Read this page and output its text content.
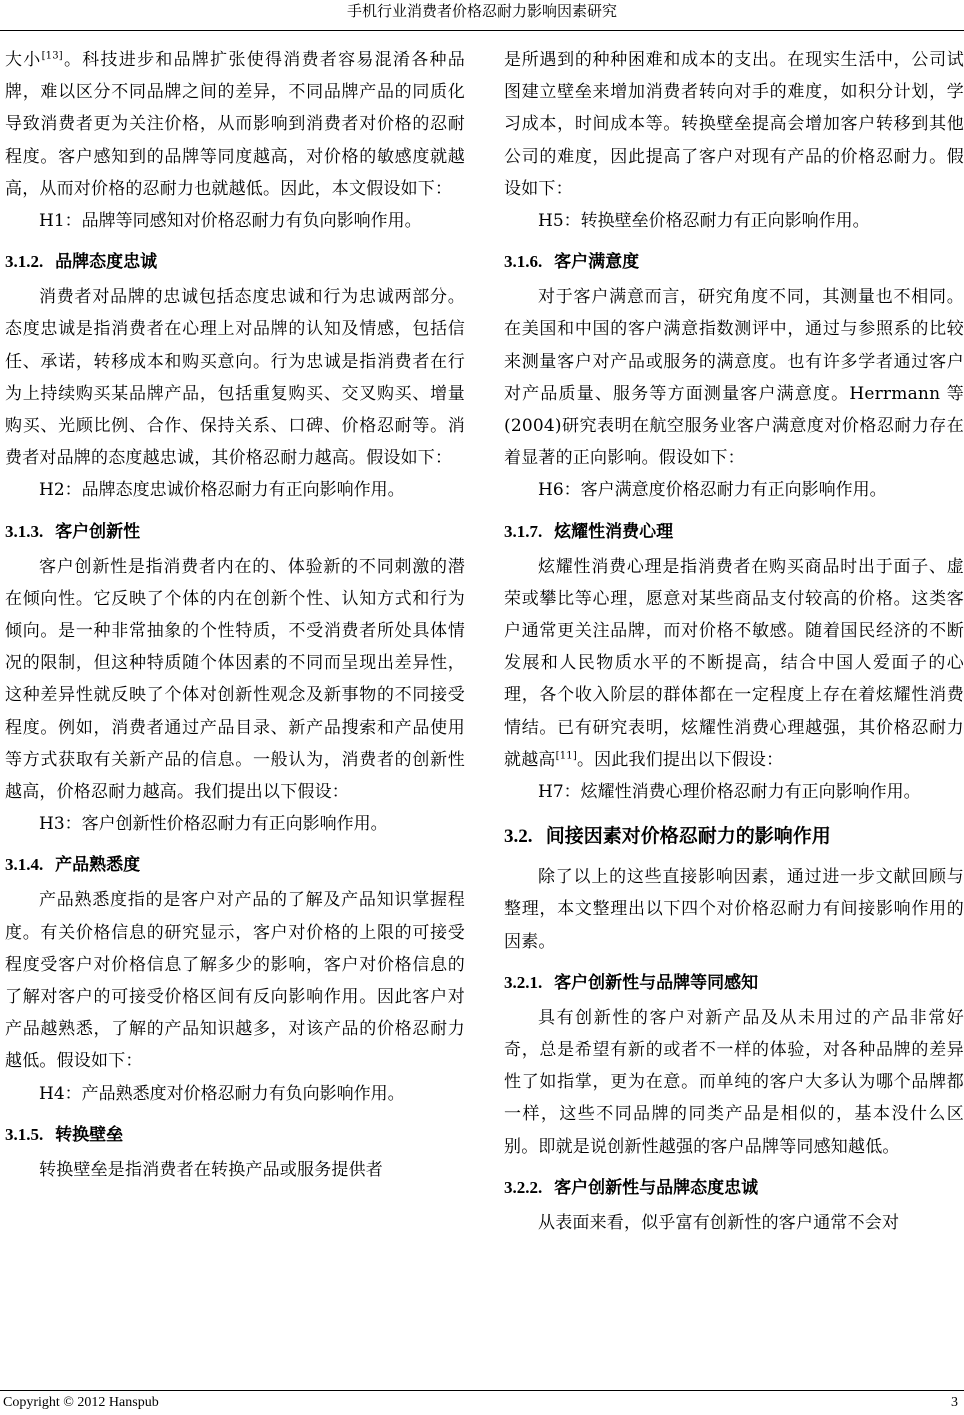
手机行业消费者价格忍耐力影响因素研究

大小[13]。科技进步和品牌扩张使得消费者容易混淆各种品牌，难以区分不同品牌之间的差异，不同品牌产品的同质化导致消费者更为关注价格，从而影响到消费者对价格的忍耐程度。客户感知到的品牌等同度越高，对价格的敏感度就越高，从而对价格的忍耐力也就越低。因此，本文假设如下：

H1：品牌等同感知对价格忍耐力有负向影响作用。

3.1.2. 品牌态度忠诚

消费者对品牌的忠诚包括态度忠诚和行为忠诚两部分。态度忠诚是指消费者在心理上对品牌的认知及情感，包括信任、承诺，转移成本和购买意向。行为忠诚是指消费者在行为上持续购买某品牌产品，包括重复购买、交叉购买、增量购买、光顾比例、合作、保持关系、口碑、价格忍耐等。消费者对品牌的态度越忠诚，其价格忍耐力越高。假设如下：

H2：品牌态度忠诚价格忍耐力有正向影响作用。

3.1.3. 客户创新性

客户创新性是指消费者内在的、体验新的不同刺激的潜在倾向性。它反映了个体的内在创新个性、认知方式和行为倾向。是一种非常抽象的个性特质，不受消费者所处具体情况的限制，但这种特质随个体因素的不同而呈现出差异性，这种差异性就反映了个体对创新性观念及新事物的不同接受程度。例如，消费者通过产品目录、新产品搜索和产品使用等方式获取有关新产品的信息。一般认为，消费者的创新性越高，价格忍耐力越高。我们提出以下假设：

H3：客户创新性价格忍耐力有正向影响作用。

3.1.4. 产品熟悉度

产品熟悉度指的是客户对产品的了解及产品知识掌握程度。有关价格信息的研究显示，客户对价格的上限的可接受程度受客户对价格信息了解多少的影响，客户对价格信息的了解对客户的可接受价格区间有反向影响作用。因此客户对产品越熟悉，了解的产品知识越多，对该产品的价格忍耐力越低。假设如下：

H4：产品熟悉度对价格忍耐力有负向影响作用。

3.1.5. 转换壁垒

转换壁垒是指消费者在转换产品或服务提供者

是所遇到的种种困难和成本的支出。在现实生活中，公司试图建立壁垒来增加消费者转向对手的难度，如积分计划，学习成本，时间成本等。转换壁垒提高会增加客户转移到其他公司的难度，因此提高了客户对现有产品的价格忍耐力。假设如下：

H5：转换壁垒价格忍耐力有正向影响作用。

3.1.6. 客户满意度

对于客户满意而言，研究角度不同，其测量也不相同。在美国和中国的客户满意指数测评中，通过与参照系的比较来测量客户对产品或服务的满意度。也有许多学者通过客户对产品质量、服务等方面测量客户满意度。Herrmann 等(2004)研究表明在航空服务业客户满意度对价格忍耐力存在着显著的正向影响。假设如下：

H6：客户满意度价格忍耐力有正向影响作用。

3.1.7. 炫耀性消费心理

炫耀性消费心理是指消费者在购买商品时出于面子、虚荣或攀比等心理，愿意对某些商品支付较高的价格。这类客户通常更关注品牌，而对价格不敏感。随着国民经济的不断发展和人民物质水平的不断提高，结合中国人爱面子的心理，各个收入阶层的群体都在一定程度上存在着炫耀性消费情结。已有研究表明，炫耀性消费心理越强，其价格忍耐力就越高[11]。因此我们提出以下假设：

H7：炫耀性消费心理价格忍耐力有正向影响作用。

3.2. 间接因素对价格忍耐力的影响作用

除了以上的这些直接影响因素，通过进一步文献回顾与整理，本文整理出以下四个对价格忍耐力有间接影响作用的因素。

3.2.1. 客户创新性与品牌等同感知

具有创新性的客户对新产品及从未用过的产品非常好奇，总是希望有新的或者不一样的体验，对各种品牌的差异性了如指掌，更为在意。而单纯的客户大多认为哪个品牌都一样，这些不同品牌的同类产品是相似的，基本没什么区别。即就是说创新性越强的客户品牌等同感知越低。

3.2.2. 客户创新性与品牌态度忠诚

从表面来看，似乎富有创新性的客户通常不会对

Copyright © 2012 Hanspub	3
